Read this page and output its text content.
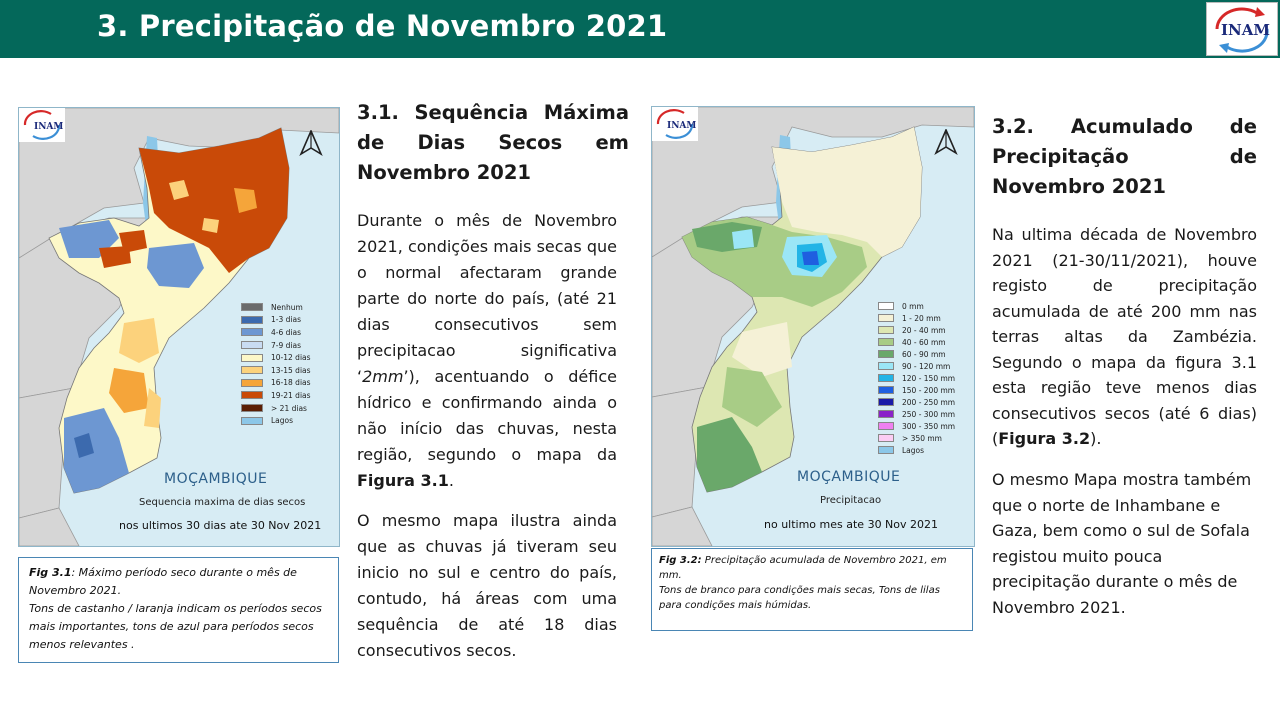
3. Precipitação de Novembro 2021	INAM
INAM
Nenhum
1-3 dias
4-6 dias
7-9 dias
10-12 dias
13-15 dias
16-18 dias
19-21 dias
> 21 dias
Lagos
MOÇAMBIQUE
Sequencia maxima de dias secos
nos ultimos 30 dias ate 30 Nov 2021
Fig 3.1: Máximo período seco durante o mês de Novembro 2021.
Tons de castanho / laranja indicam os períodos secos mais importantes, tons de azul para períodos secos menos relevantes .
3.1. Sequência Máxima
de Dias Secos em
Novembro 2021
Durante o mês de Novembro 2021, condições mais secas que o normal afectaram grande parte do norte do país, (até 21 dias consecutivos sem precipitacao significativa ‘2mm’), acentuando o défice hídrico e confirmando ainda o não início das chuvas, nesta região, segundo o mapa da Figura 3.1.
O mesmo mapa ilustra ainda que as chuvas já tiveram seu inicio no sul e centro do país, contudo, há áreas com uma sequência de até 18 dias consecutivos secos.
INAM
0 mm
1 - 20 mm
20 - 40 mm
40 - 60 mm
60 - 90 mm
90 - 120 mm
120 - 150 mm
150 - 200 mm
200 - 250 mm
250 - 300 mm
300 - 350 mm
> 350 mm
Lagos
MOÇAMBIQUE
Precipitacao
no ultimo mes ate 30 Nov 2021
Fig 3.2: Precipitação acumulada de Novembro 2021, em mm.
Tons de branco para condições mais secas, Tons de lilas para condições mais húmidas.
3.2. Acumulado de
Precipitação de
Novembro 2021
Na ultima década de Novembro 2021 (21-30/11/2021), houve registo de precipitação acumulada de até 200 mm nas terras altas da Zambézia. Segundo o mapa da figura 3.1 esta região teve menos dias consecutivos secos (até 6 dias) (Figura 3.2).
O mesmo Mapa mostra também que o norte de Inhambane e Gaza, bem como o sul de Sofala registou muito pouca precipitação durante o mês de Novembro 2021.
